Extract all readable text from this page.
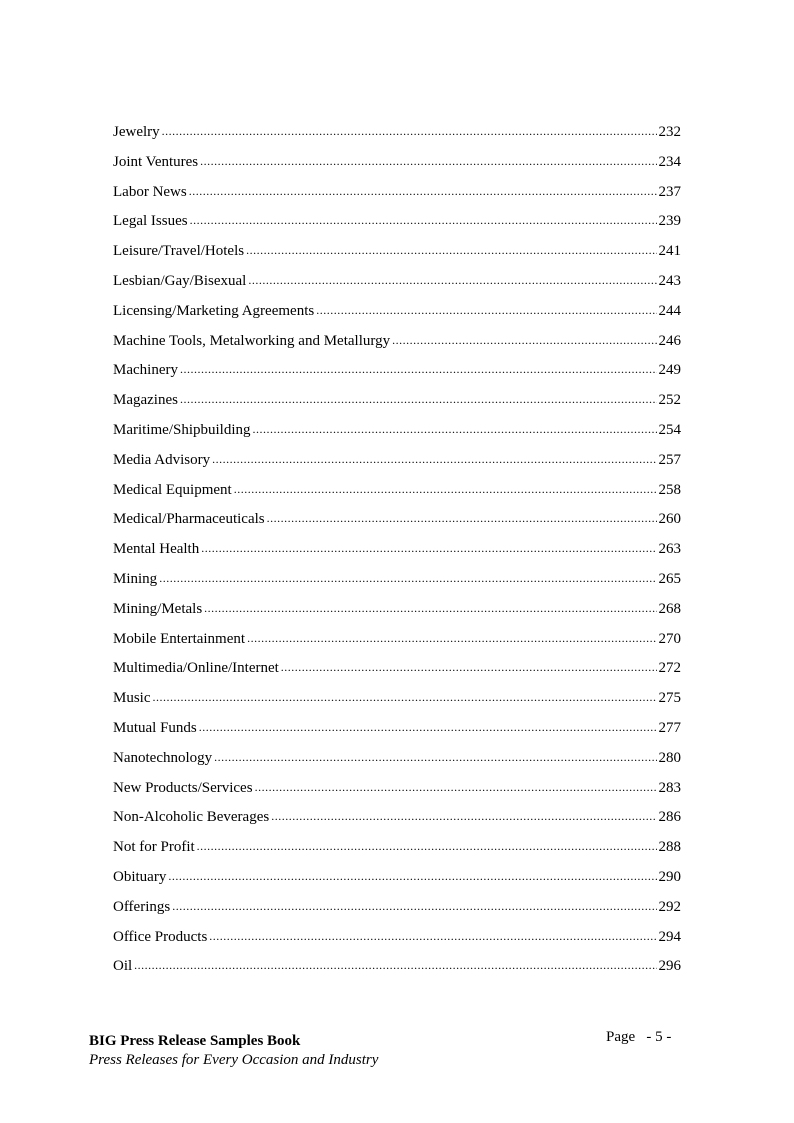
Jewelry .....	232
Joint Ventures .....	234
Labor News .....	237
Legal Issues .....	239
Leisure/Travel/Hotels .....	241
Lesbian/Gay/Bisexual .....	243
Licensing/Marketing Agreements .....	244
Machine Tools, Metalworking and Metallurgy .....	246
Machinery .....	249
Magazines .....	252
Maritime/Shipbuilding .....	254
Media Advisory .....	257
Medical Equipment .....	258
Medical/Pharmaceuticals .....	260
Mental Health .....	263
Mining .....	265
Mining/Metals .....	268
Mobile Entertainment .....	270
Multimedia/Online/Internet .....	272
Music .....	275
Mutual Funds .....	277
Nanotechnology .....	280
New Products/Services .....	283
Non-Alcoholic Beverages .....	286
Not for Profit .....	288
Obituary .....	290
Offerings .....	292
Office Products .....	294
Oil .....	296
BIG Press Release Samples Book
Press Releases for Every Occasion and Industry
Page - 5 -
